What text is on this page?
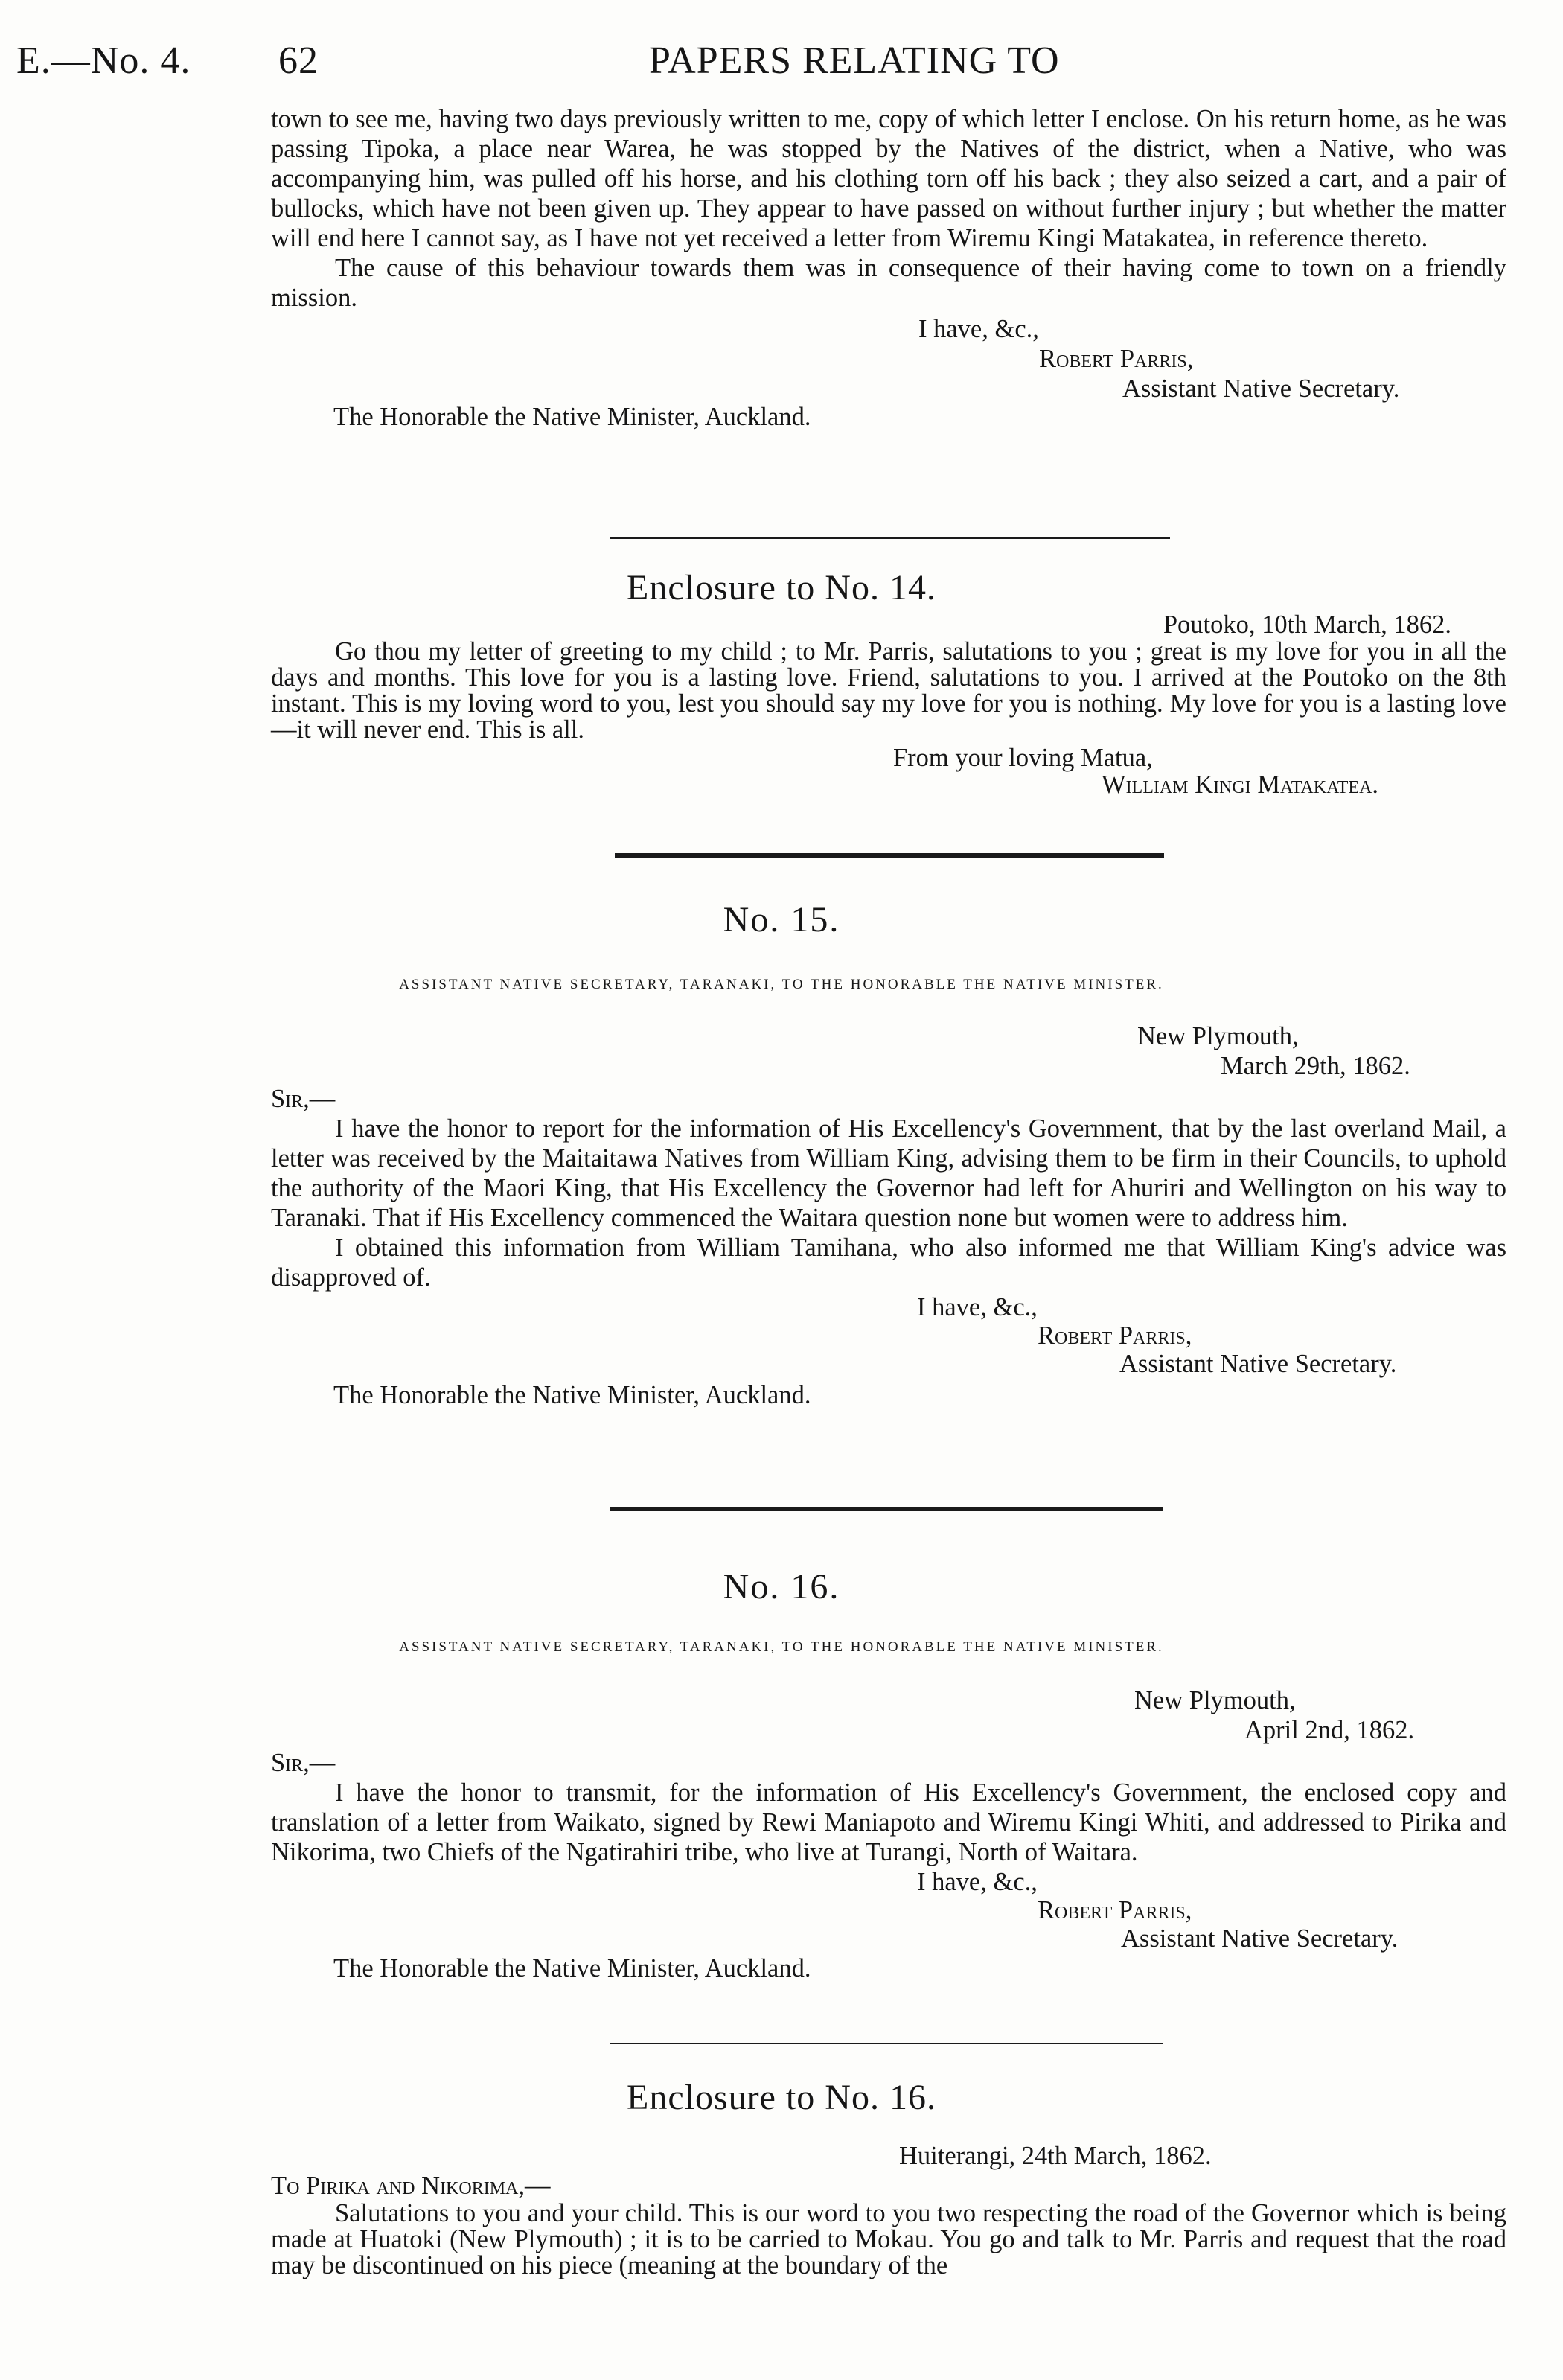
E.—No. 4. 62	PAPERS RELATING TO

town to see me, having two days previously written to me, copy of which letter I enclose. On his return home, as he was passing Tipoka, a place near Warea, he was stopped by the Natives of the district, when a Native, who was accompanying him, was pulled off his horse, and his clothing torn off his back ; they also seized a cart, and a pair of bullocks, which have not been given up. They appear to have passed on without further injury ; but whether the matter will end here I cannot say, as I have not yet received a letter from Wiremu Kingi Matakatea, in reference thereto.

The cause of this behaviour towards them was in consequence of their having come to town on a friendly mission.

I have, &c.,
Robert Parris,
Assistant Native Secretary.
The Honorable the Native Minister, Auckland.
Enclosure to No. 14.

Poutoko, 10th March, 1862.

Go thou my letter of greeting to my child ; to Mr. Parris, salutations to you ; great is my love for you in all the days and months. This love for you is a lasting love. Friend, salutations to you. I arrived at the Poutoko on the 8th instant. This is my loving word to you, lest you should say my love for you is nothing. My love for you is a lasting love—it will never end. This is all.

From your loving Matua,
William Kingi Matakatea.
No. 15.
ASSISTANT NATIVE SECRETARY, TARANAKI, TO THE HONORABLE THE NATIVE MINISTER.
New Plymouth,
March 29th, 1862.

Sir,—

I have the honor to report for the information of His Excellency's Government, that by the last overland Mail, a letter was received by the Maitaitawa Natives from William King, advising them to be firm in their Councils, to uphold the authority of the Maori King, that His Excellency the Governor had left for Ahuriri and Wellington on his way to Taranaki. That if His Excellency commenced the Waitara question none but women were to address him.

I obtained this information from William Tamihana, who also informed me that William King's advice was disapproved of.

I have, &c.,
Robert Parris,
Assistant Native Secretary.
The Honorable the Native Minister, Auckland.
No. 16.
ASSISTANT NATIVE SECRETARY, TARANAKI, TO THE HONORABLE THE NATIVE MINISTER.
New Plymouth,
April 2nd, 1862.

Sir,—

I have the honor to transmit, for the information of His Excellency's Government, the enclosed copy and translation of a letter from Waikato, signed by Rewi Maniapoto and Wiremu Kingi Whiti, and addressed to Pirika and Nikorima, two Chiefs of the Ngatirahiri tribe, who live at Turangi, North of Waitara.

I have, &c.,
Robert Parris,
Assistant Native Secretary.
The Honorable the Native Minister, Auckland.
Enclosure to No. 16.

Huiterangi, 24th March, 1862.

To Pirika and Nikorima,—

Salutations to you and your child. This is our word to you two respecting the road of the Governor which is being made at Huatoki (New Plymouth) ; it is to be carried to Mokau. You go and talk to Mr. Parris and request that the road may be discontinued on his piece (meaning at the boundary of the
